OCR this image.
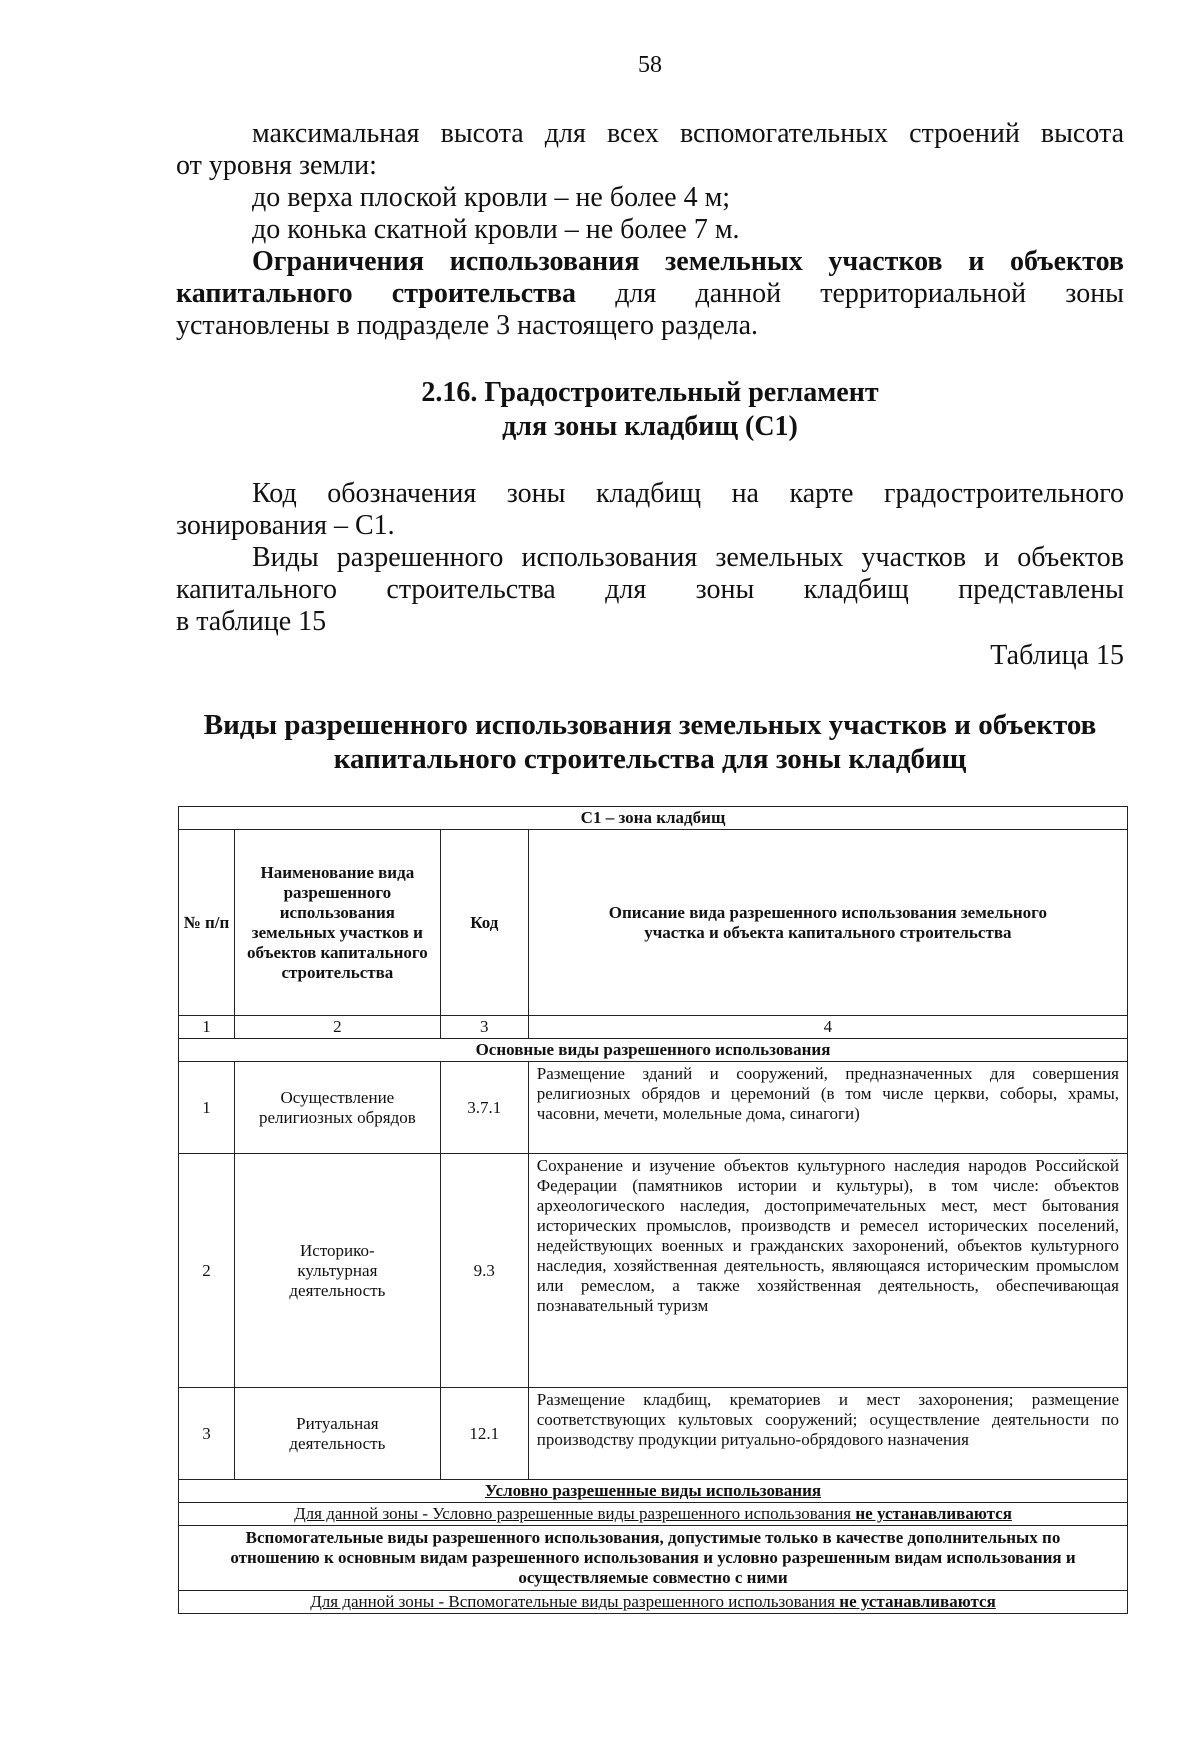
58

максимальная высота для всех вспомогательных строений высота

от уровня земли:

до верха плоской кровли – не более 4 м;

до конька скатной кровли – не более 7 м.

Ограничения использования земельных участков и объектов

капитального строительства для данной территориальной зоны

установлены в подразделе 3 настоящего раздела.

2.16. Градостроительный регламент
для зоны кладбищ (С1)

Код обозначения зоны кладбищ на карте градостроительного

зонирования – С1.

Виды разрешенного использования земельных участков и объектов

капитального строительства для зоны кладбищ представлены

в таблице 15

Таблица 15
Виды разрешенного использования земельных участков и объектов
капитального строительства для зоны кладбищ
С1 – зона кладбищ			
№ п/п	Наименование вида разрешенного использования земельных участков и объектов капитального строительства	Код	Описание вида разрешенного использования земельного участка и объекта капитального строительства
1	2	3	4
Основные виды разрешенного использования			
1	Осуществление религиозных обрядов	3.7.1	Размещение зданий и сооружений, предназначенных для совершения религиозных обрядов и церемоний (в том числе церкви, соборы, храмы, часовни, мечети, молельные дома, синагоги)
2	Историко-культурная деятельность	9.3	Сохранение и изучение объектов культурного наследия народов Российской Федерации (памятников истории и культуры), в том числе: объектов археологического наследия, достопримечательных мест, мест бытования исторических промыслов, производств и ремесел исторических поселений, недействующих военных и гражданских захоронений, объектов культурного наследия, хозяйственная деятельность, являющаяся историческим промыслом или ремеслом, а также хозяйственная деятельность, обеспечивающая познавательный туризм
3	Ритуальная деятельность	12.1	Размещение кладбищ, крематориев и мест захоронения; размещение соответствующих культовых сооружений; осуществление деятельности по производству продукции ритуально-обрядового назначения
Условно разрешенные виды использования			
Для данной зоны - Условно разрешенные виды разрешенного использования не устанавливаются			
Вспомогательные виды разрешенного использования, допустимые только в качестве дополнительных по отношению к основным видам разрешенного использования и условно разрешенным видам использования и осуществляемые совместно с ними			
Для данной зоны - Вспомогательные виды разрешенного использования не устанавливаются			
